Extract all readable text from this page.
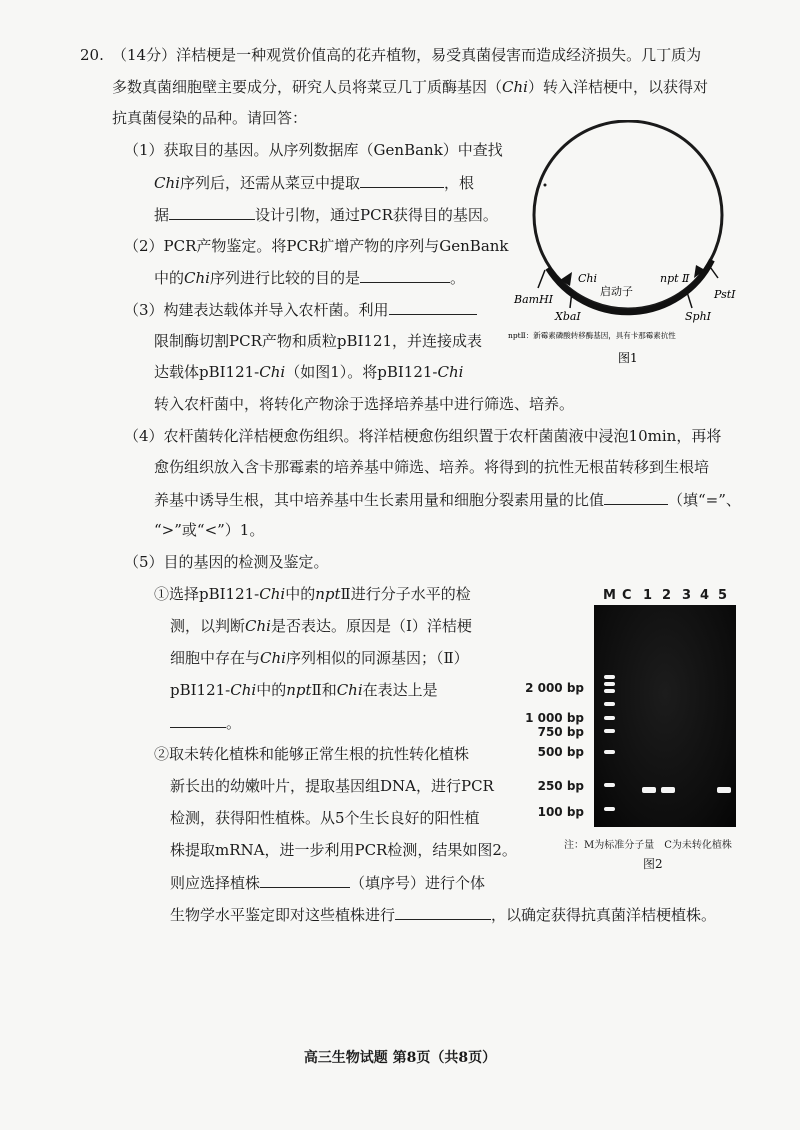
20. （14分）洋桔梗是一种观赏价值高的花卉植物，易受真菌侵害而造成经济损失。几丁质为
多数真菌细胞壁主要成分，研究人员将菜豆几丁质酶基因（Chi）转入洋桔梗中，以获得对
抗真菌侵染的品种。请回答：
（1）获取目的基因。从序列数据库（GenBank）中查找
Chi序列后，还需从菜豆中提取	，根
据	设计引物，通过PCR获得目的基因。
（2）PCR产物鉴定。将PCR扩增产物的序列与GenBank
中的Chi序列进行比较的目的是	。
（3）构建表达载体并导入农杆菌。利用
限制酶切割PCR产物和质粒pBⅠ121，并连接成表
达载体pBⅠ121-Chi（如图1）。将pBⅠ121-Chi
转入农杆菌中，将转化产物涂于选择培养基中进行筛选、培养。
Chi
启动子
npt Ⅱ
PstⅠ
BamHⅠ
SphⅠ
XbaⅠ
nptⅡ：新霉素磷酸转移酶基因，具有卡那霉素抗性
图1
（4）农杆菌转化洋桔梗愈伤组织。将洋桔梗愈伤组织置于农杆菌菌液中浸泡10min，再将
愈伤组织放入含卡那霉素的培养基中筛选、培养。将得到的抗性无根苗转移到生根培
养基中诱导生根，其中培养基中生长素用量和细胞分裂素用量的比值	（填“=”、
“>”或“<”）1。
（5）目的基因的检测及鉴定。
①选择pBⅠ121-Chi中的nptⅡ进行分子水平的检
测，以判断Chi是否表达。原因是（Ⅰ）洋桔梗
细胞中存在与Chi序列相似的同源基因；（Ⅱ）
pBⅠ121-Chi中的nptⅡ和Chi在表达上是
。
②取未转化植株和能够正常生根的抗性转化植株
新长出的幼嫩叶片，提取基因组DNA，进行PCR
检测，获得阳性植株。从5个生长良好的阳性植
株提取mRNA，进一步利用PCR检测，结果如图2。
则应选择植株	（填序号）进行个体
生物学水平鉴定即对这些植株进行	，以确定获得抗真菌洋桔梗植株。
M C 1 2 3 4 5
2 000 bp
1 000 bp
750 bp
500 bp
250 bp
100 bp
注：M为标准分子量　C为未转化植株
图2
高三生物试题 第8页（共8页）
